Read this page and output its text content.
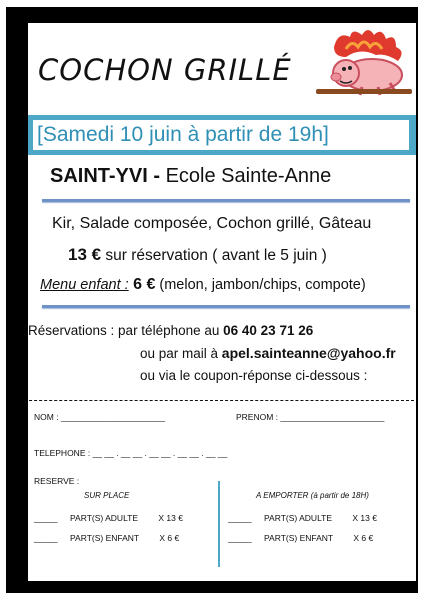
COCHON GRILLÉ
[Samedi 10 juin à partir de 19h]
SAINT-YVI - Ecole Sainte-Anne
Kir, Salade composée, Cochon grillé, Gâteau
13 € sur réservation ( avant le 5 juin )
Menu enfant : 6 € (melon, jambon/chips, compote)
Réservations : par téléphone au 06 40 23 71 26
ou par mail à apel.sainteanne@yahoo.fr
ou via le coupon-réponse ci-dessous :
NOM : ______________________	PRENOM : ______________________
TELEPHONE : __ __ . __ __ . __ __ . __ __ . __ __
RESERVE :
SUR PLACE	A EMPORTER (à partir de 18H)
_____ PART(S) ADULTE X 13 €
_____ PART(S) ENFANT X 6 €
_____ PART(S) ADULTE X 13 €
_____ PART(S) ENFANT X 6 €
